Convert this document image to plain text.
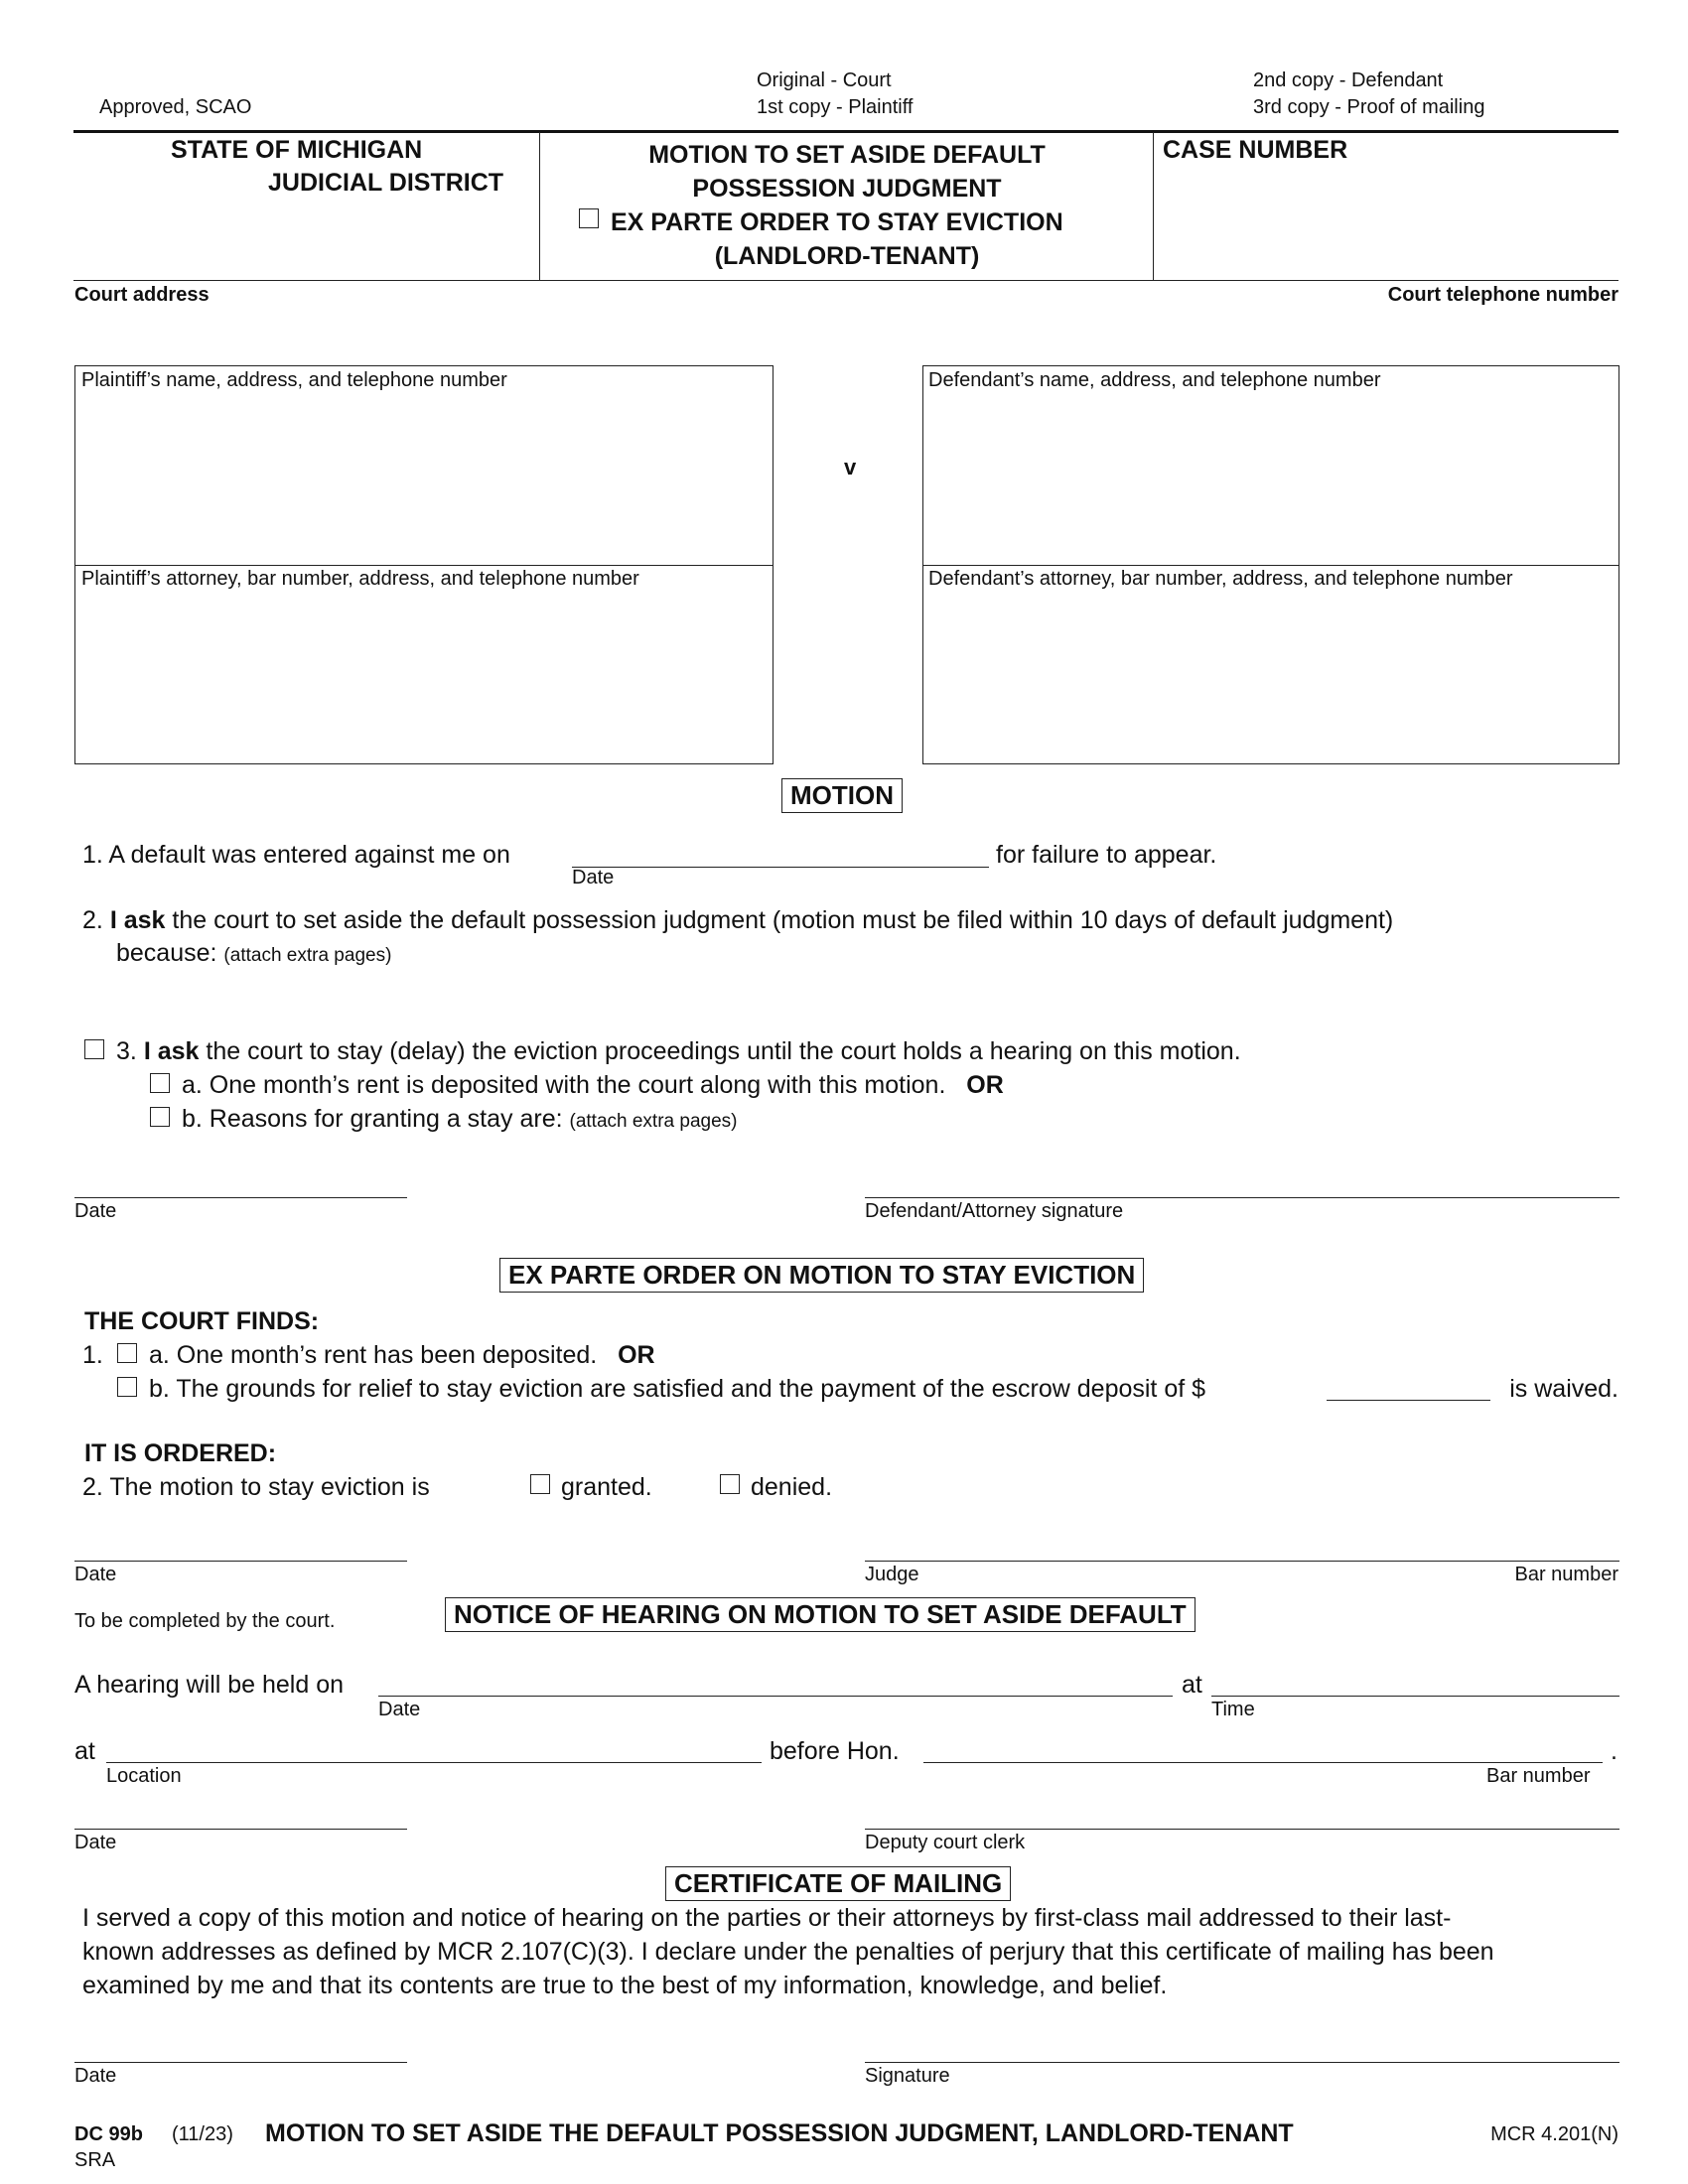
Approved, SCAO
Original - Court
1st copy - Plaintiff
2nd copy - Defendant
3rd copy - Proof of mailing
STATE OF MICHIGAN
JUDICIAL DISTRICT
MOTION TO SET ASIDE DEFAULT
POSSESSION JUDGMENT
EX PARTE ORDER TO STAY EVICTION
(LANDLORD-TENANT)
CASE NUMBER
Court address	Court telephone number
Plaintiff’s name, address, and telephone number
Plaintiff’s attorney, bar number, address, and telephone number
v
Defendant’s name, address, and telephone number
Defendant’s attorney, bar number, address, and telephone number
MOTION
1. A default was entered against me on
Date
for failure to appear.
2. I ask the court to set aside the default possession judgment (motion must be filed within 10 days of default judgment)
because: (attach extra pages)
3. I ask the court to stay (delay) the eviction proceedings until the court holds a hearing on this motion.
a. One month’s rent is deposited with the court along with this motion. OR
b. Reasons for granting a stay are: (attach extra pages)
Date	Defendant/Attorney signature
EX PARTE ORDER ON MOTION TO STAY EVICTION
THE COURT FINDS:
1. a. One month’s rent has been deposited. OR
b. The grounds for relief to stay eviction are satisfied and the payment of the escrow deposit of $	is waived.
IT IS ORDERED:
2. The motion to stay eviction is	granted.	denied.
Date	Judge	Bar number
To be completed by the court.	NOTICE OF HEARING ON MOTION TO SET ASIDE DEFAULT
A hearing will be held on
Date
at
Time
at
Location
before Hon.	.
Bar number
Date	Deputy court clerk
CERTIFICATE OF MAILING
I served a copy of this motion and notice of hearing on the parties or their attorneys by first-class mail addressed to their last-
known addresses as defined by MCR 2.107(C)(3). I declare under the penalties of perjury that this certificate of mailing has been
examined by me and that its contents are true to the best of my information, knowledge, and belief.
Date	Signature
DC 99b (11/23) MOTION TO SET ASIDE THE DEFAULT POSSESSION JUDGMENT, LANDLORD-TENANT	MCR 4.201(N)
SRA
